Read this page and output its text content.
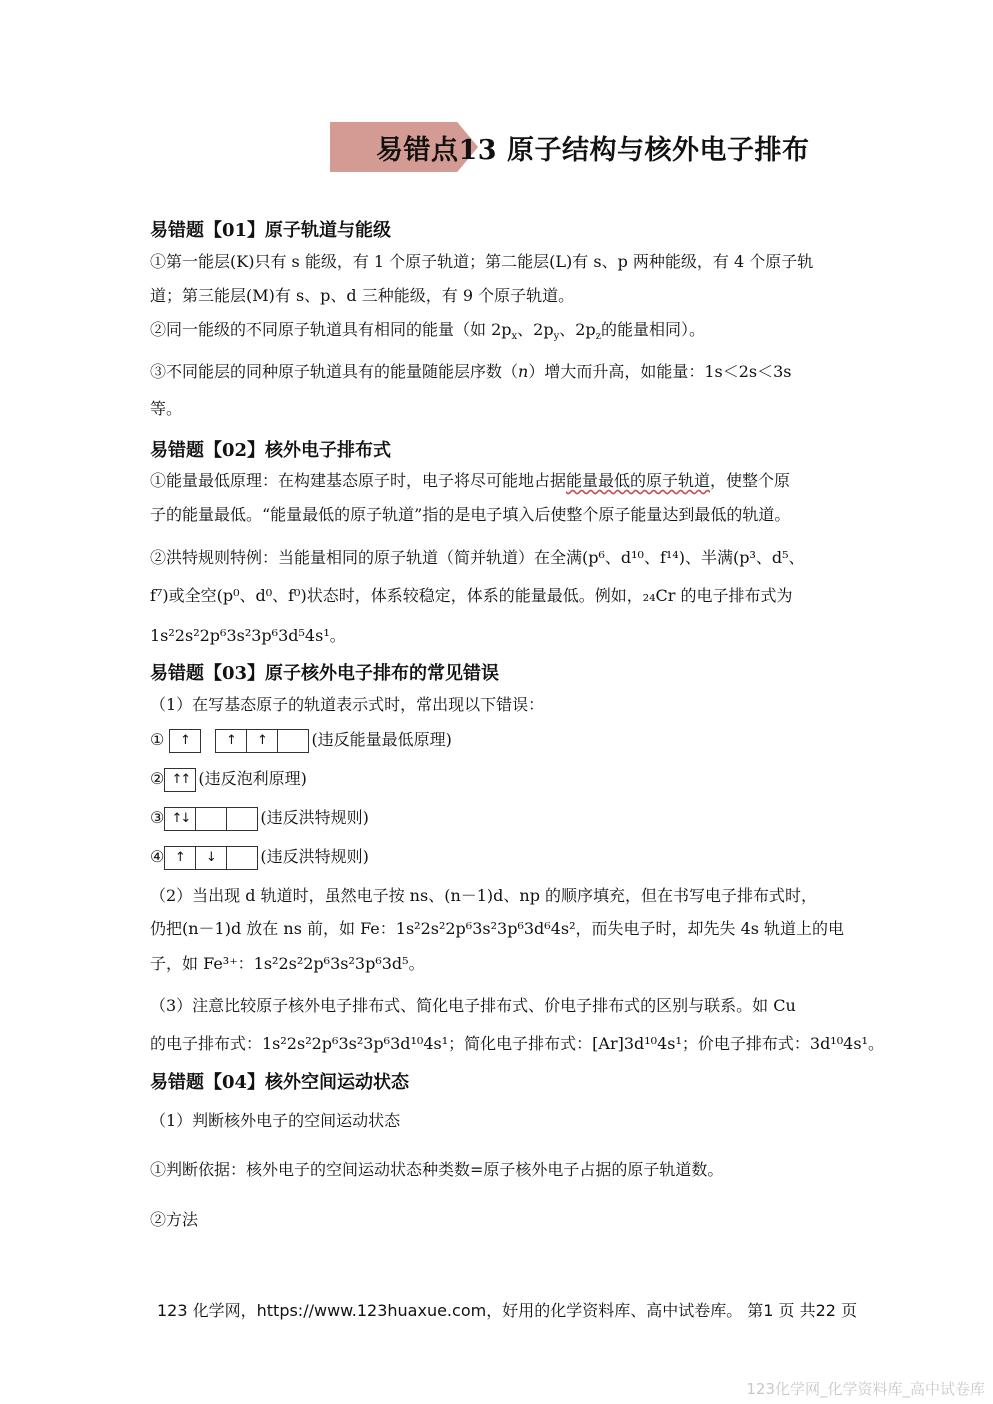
易错点13 原子结构与核外电子排布
易错题【01】原子轨道与能级
①第一能层(K)只有 s 能级，有 1 个原子轨道；第二能层(L)有 s、p 两种能级，有 4 个原子轨
道；第三能层(M)有 s、p、d 三种能级，有 9 个原子轨道。
②同一能级的不同原子轨道具有相同的能量（如 $2p_x$、$2p_y$、$2p_z$的能量相同）。
③不同能层的同种原子轨道具有的能量随能层序数（n）增大而升高，如能量：1s＜2s＜3s
等。
易错题【02】核外电子排布式
①能量最低原理：在构建基态原子时，电子将尽可能地占据能量最低的原子轨道，使整个原
子的能量最低。“能量最低的原子轨道”指的是电子填入后使整个原子能量达到最低的轨道。
②洪特规则特例：当能量相同的原子轨道（简并轨道）在全满(p⁶、d¹⁰、f¹⁴)、半满(p³、d⁵、
f⁷)或全空(p⁰、d⁰、f⁰)状态时，体系较稳定，体系的能量最低。例如，₂₄Cr 的电子排布式为
1s²2s²2p⁶3s²3p⁶3d⁵4s¹。
易错题【03】原子核外电子排布的常见错误
（1）在写基态原子的轨道表示式时，常出现以下错误：
①	↑	↑	↑	(违反能量最低原理)
② ↑ ↑ (违反泡利原理)
③ ↑ ↓	(违反洪特规则)
④ ↑	↓	(违反洪特规则)
（2）当出现 d 轨道时，虽然电子按 ns、(n－1)d、np 的顺序填充，但在书写电子排布式时，
仍把(n－1)d 放在 ns 前，如 Fe：1s²2s²2p⁶3s²3p⁶3d⁶4s²，而失电子时，却先失 4s 轨道上的电
子，如 Fe³⁺：1s²2s²2p⁶3s²3p⁶3d⁵。
（3）注意比较原子核外电子排布式、简化电子排布式、价电子排布式的区别与联系。如 Cu
的电子排布式：1s²2s²2p⁶3s²3p⁶3d¹⁰4s¹；简化电子排布式：[Ar]3d¹⁰4s¹；价电子排布式：3d¹⁰4s¹。
易错题【04】核外空间运动状态
（1）判断核外电子的空间运动状态
①判断依据：核外电子的空间运动状态种类数=原子核外电子占据的原子轨道数。
②方法
123 化学网，https://www.123huaxue.com，好用的化学资料库、高中试卷库。 第1 页 共22 页
123化学网_化学资料库_高中试卷库
